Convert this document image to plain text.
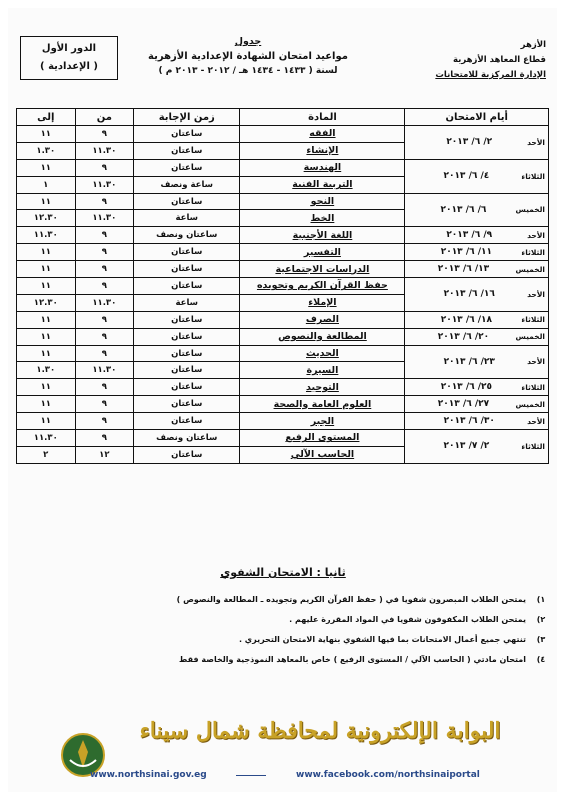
الأزهر
قطاع المعاهد الأزهرية
الإدارة المركزية للامتحانات
جدول
مواعيد امتحان الشهادة الإعدادية الأزهرية
لسنة ( ١٤٣٣ - ١٤٣٤ هـ / ٢٠١٢ - ٢٠١٣ م )
الدور الأول
( الإعدادية )
أيام الامتحان	المادة	زمن الإجابة	من	إلى

الأحد
٢/ ٦/ ٢٠١٣	الفقه	ساعتان	٩	١١
	الإنشاء	ساعتان	١١.٣٠	١.٣٠

الثلاثاء
٤/ ٦/ ٢٠١٣	الهندسة	ساعتان	٩	١١
	التربية الفنية	ساعة ونصف	١١.٣٠	١

الخميس
٦/ ٦/ ٢٠١٣	النحو	ساعتان	٩	١١
	الخط	ساعة	١١.٣٠	١٢.٣٠

الأحد
٩/ ٦/ ٢٠١٣	اللغة الأجنبية	ساعتان ونصف	٩	١١.٣٠

الثلاثاء
١١/ ٦/ ٢٠١٣	التفسير	ساعتان	٩	١١

الخميس
١٣/ ٦/ ٢٠١٣	الدراسات الاجتماعية	ساعتان	٩	١١

الأحد
١٦/ ٦/ ٢٠١٣	حفظ القرآن الكريم وتجويده	ساعتان	٩	١١
	الإملاء	ساعة	١١.٣٠	١٢.٣٠

الثلاثاء
١٨/ ٦/ ٢٠١٣	الصرف	ساعتان	٩	١١

الخميس
٢٠/ ٦/ ٢٠١٣	المطالعة والنصوص	ساعتان	٩	١١

الأحد
٢٣/ ٦/ ٢٠١٣	الحديث	ساعتان	٩	١١
	السيرة	ساعتان	١١.٣٠	١.٣٠

الثلاثاء
٢٥/ ٦/ ٢٠١٣	التوحيد	ساعتان	٩	١١

الخميس
٢٧/ ٦/ ٢٠١٣	العلوم العامة والصحة	ساعتان	٩	١١

الأحد
٣٠/ ٦/ ٢٠١٣	الجبر	ساعتان	٩	١١

الثلاثاء
٢/ ٧/ ٢٠١٣	المستوى الرفيع	ساعتان ونصف	٩	١١.٣٠
	الحاسب الآلي	ساعتان	١٢	٢
ثانيا : الامتحان الشفوي
١)
يمتحن الطلاب المبصرون شفويا في ( حفظ القرآن الكريم وتجويده ـ المطالعة والنصوص )
٢)
يمتحن الطلاب المكفوفون شفويا في المواد المقررة عليهم .
٣)
تنتهي جميع أعمال الامتحانات بما فيها الشفوي بنهاية الامتحان التحريري .
٤)
امتحان مادتي ( الحاسب الآلي / المستوى الرفيع ) خاص بالمعاهد النموذجية والخاصة فقط
البوابة الإلكترونية لمحافظة شمال سيناء
www.northsinai.gov.eg	www.facebook.com/northsinaiportal
